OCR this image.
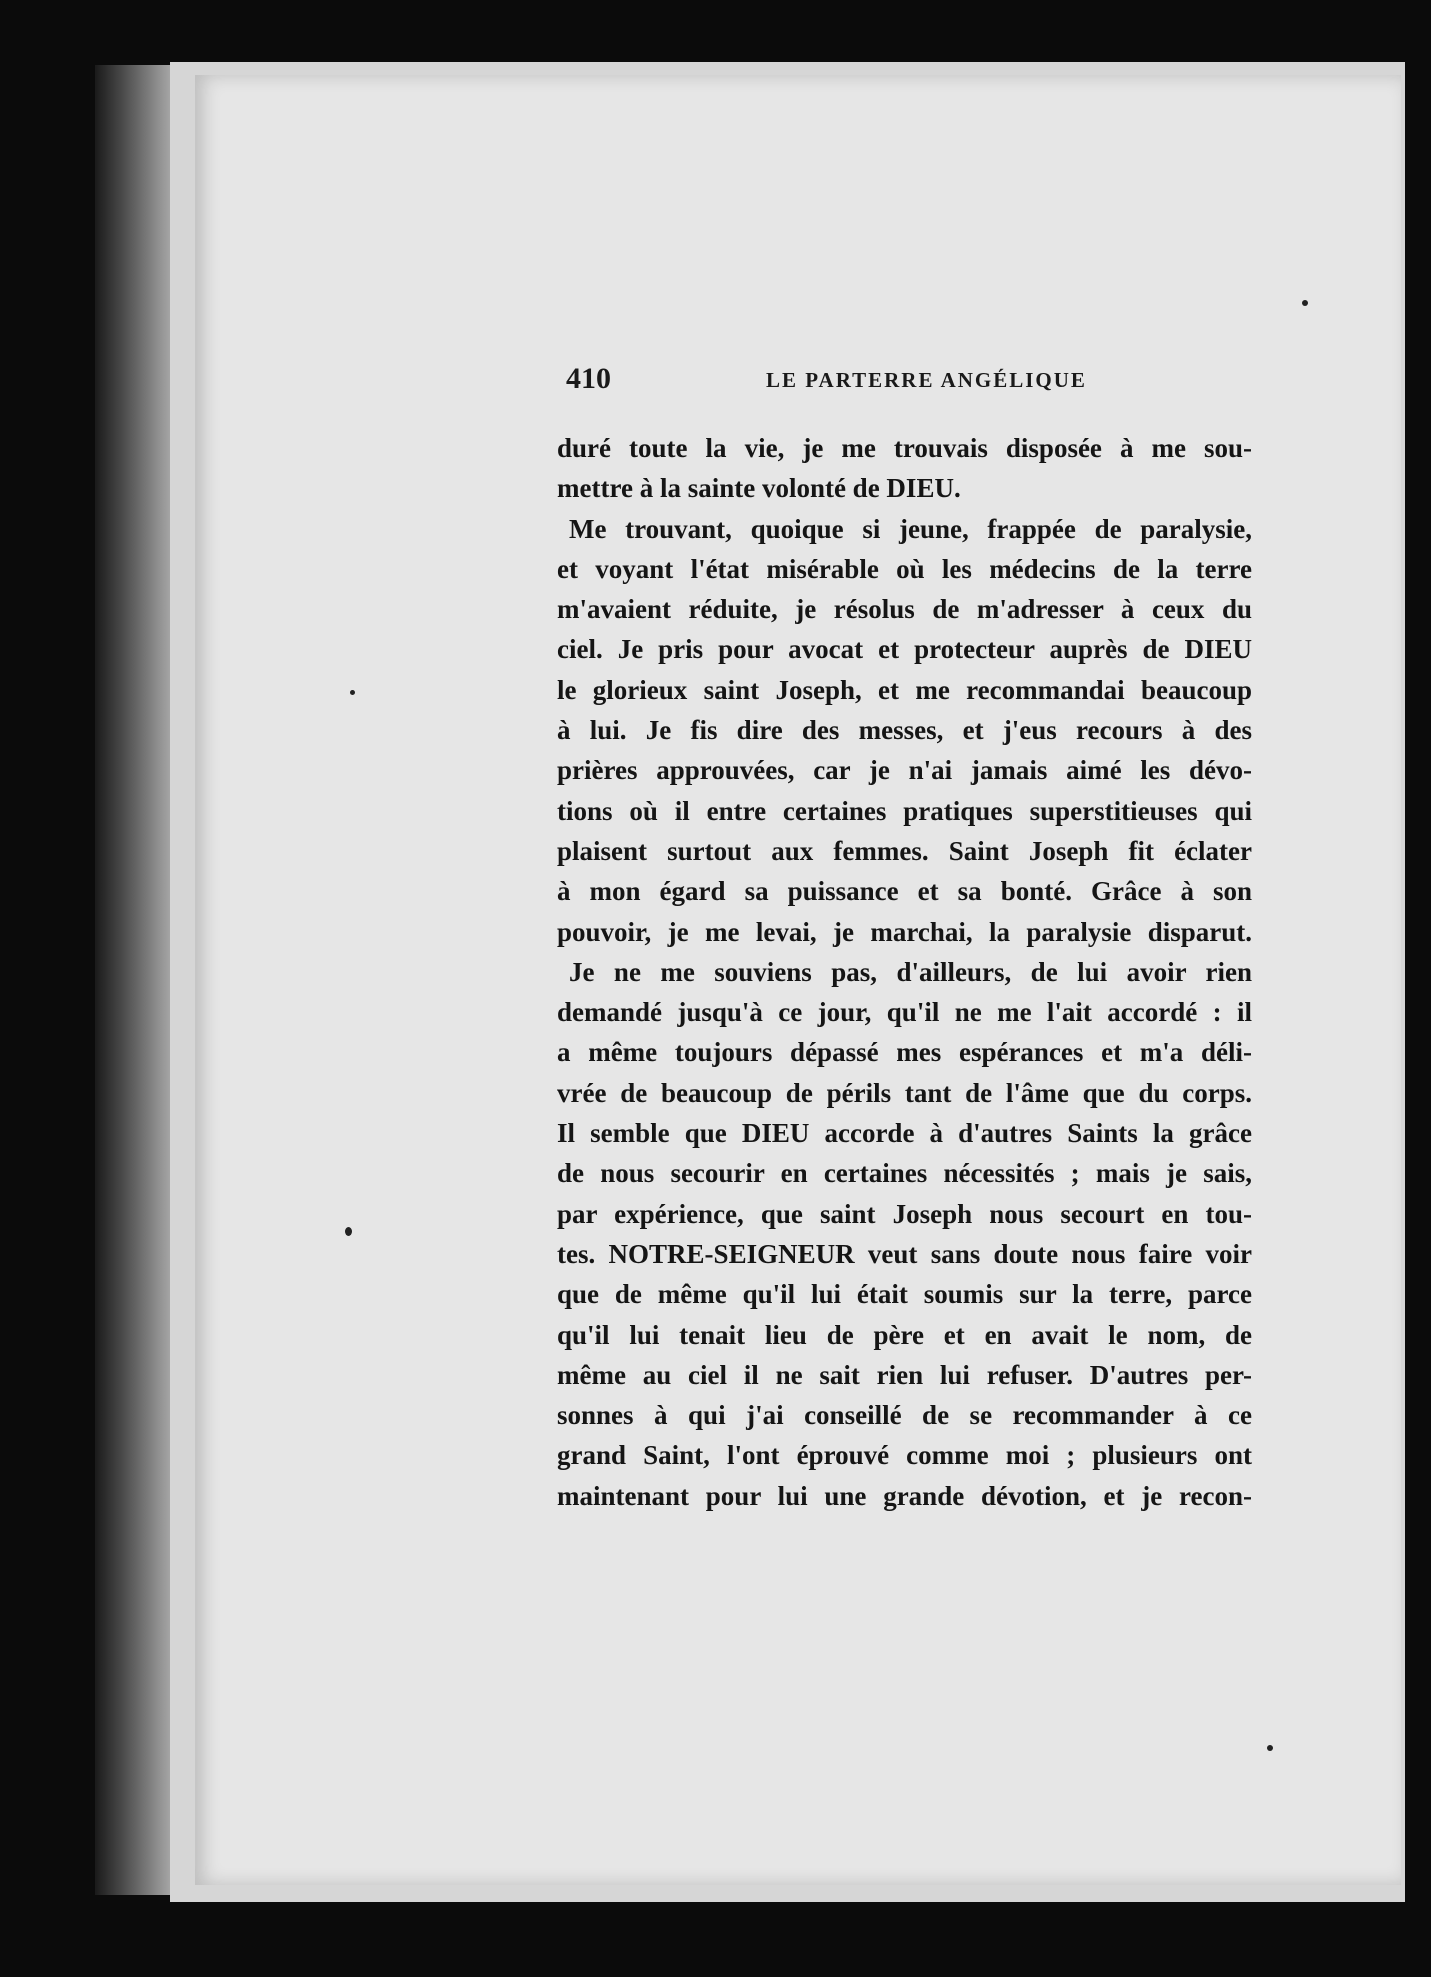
410	LE PARTERRE ANGÉLIQUE
duré toute la vie, je me trouvais disposée à me sou-
mettre à la sainte volonté de DIEU.
Me trouvant, quoique si jeune, frappée de paralysie,
et voyant l'état misérable où les médecins de la terre
m'avaient réduite, je résolus de m'adresser à ceux du
ciel. Je pris pour avocat et protecteur auprès de DIEU
le glorieux saint Joseph, et me recommandai beaucoup
à lui. Je fis dire des messes, et j'eus recours à des
prières approuvées, car je n'ai jamais aimé les dévo-
tions où il entre certaines pratiques superstitieuses qui
plaisent surtout aux femmes. Saint Joseph fit éclater
à mon égard sa puissance et sa bonté. Grâce à son
pouvoir, je me levai, je marchai, la paralysie disparut.
Je ne me souviens pas, d'ailleurs, de lui avoir rien
demandé jusqu'à ce jour, qu'il ne me l'ait accordé : il
a même toujours dépassé mes espérances et m'a déli-
vrée de beaucoup de périls tant de l'âme que du corps.
Il semble que DIEU accorde à d'autres Saints la grâce
de nous secourir en certaines nécessités ; mais je sais,
par expérience, que saint Joseph nous secourt en tou-
tes. NOTRE-SEIGNEUR veut sans doute nous faire voir
que de même qu'il lui était soumis sur la terre, parce
qu'il lui tenait lieu de père et en avait le nom, de
même au ciel il ne sait rien lui refuser. D'autres per-
sonnes à qui j'ai conseillé de se recommander à ce
grand Saint, l'ont éprouvé comme moi ; plusieurs ont
maintenant pour lui une grande dévotion, et je recon-
